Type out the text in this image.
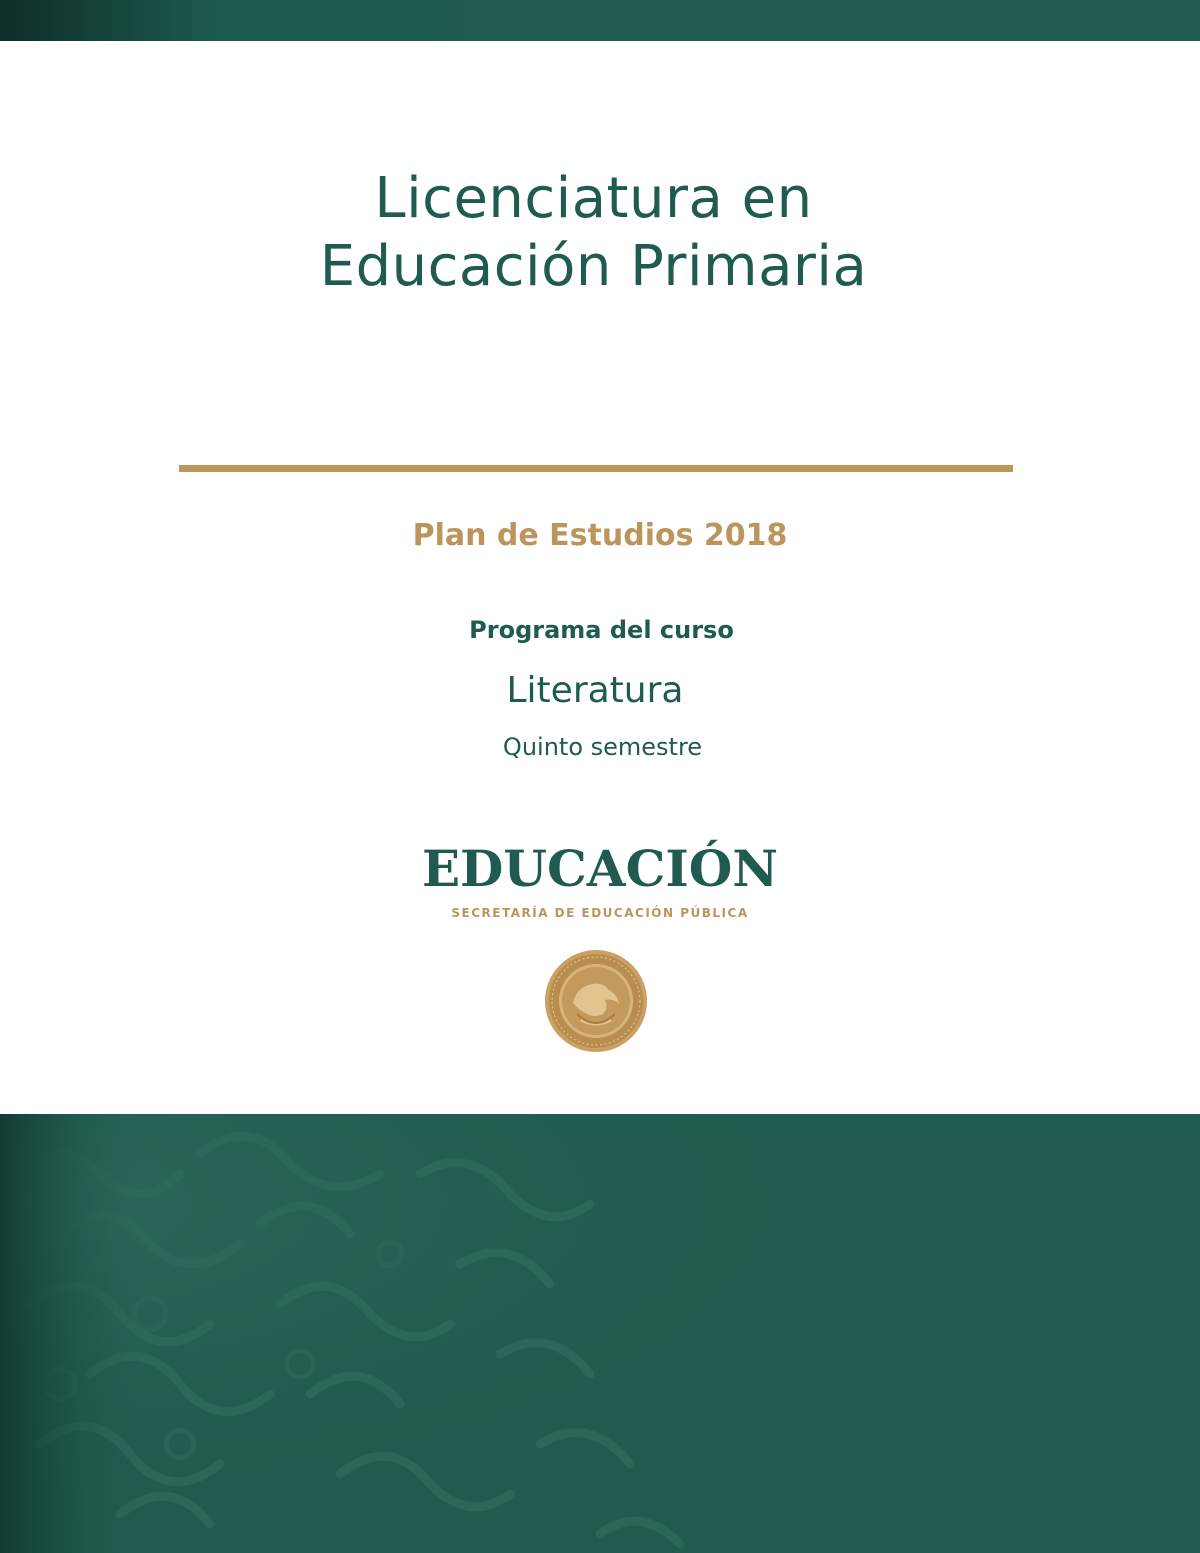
Licenciatura en
Educación Primaria
Plan de Estudios 2018
Programa del curso
Literatura
Quinto semestre
EDUCACIÓN
SECRETARÍA DE EDUCACIÓN PÚBLICA
